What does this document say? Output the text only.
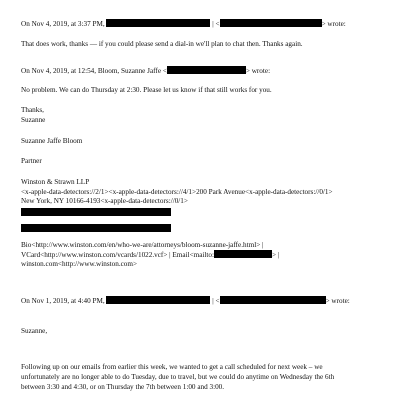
On Nov 4, 2019, at 3:37 PM,	| <	> wrote:
That does work, thanks — if you could please send a dial-in we'll plan to chat then. Thanks again.
On Nov 4, 2019, at 12:54, Bloom, Suzanne Jaffe <	> wrote:
No problem. We can do Thursday at 2:30. Please let us know if that still works for you.
Thanks,
Suzanne
Suzanne Jaffe Bloom
Partner
Winston & Strawn LLP
<x-apple-data-detectors://2/1><x-apple-data-detectors://4/1>200 Park Avenue<x-apple-data-detectors://0/1>
New York, NY 10166-4193<x-apple-data-detectors://0/1>
Bio<http://www.winston.com/en/who-we-are/attorneys/bloom-suzanne-jaffe.html> |
VCard<http://www.winston.com/vcards/1022.vcf> | Email<mailto:	> |
winston.com<http://www.winston.com>
On Nov 1, 2019, at 4:40 PM,	| <	> wrote:
Suzanne,
Following up on our emails from earlier this week, we wanted to get a call scheduled for next week – we
unfortunately are no longer able to do Tuesday, due to travel, but we could do anytime on Wednesday the 6th
between 3:30 and 4:30, or on Thursday the 7th between 1:00 and 3:00.
